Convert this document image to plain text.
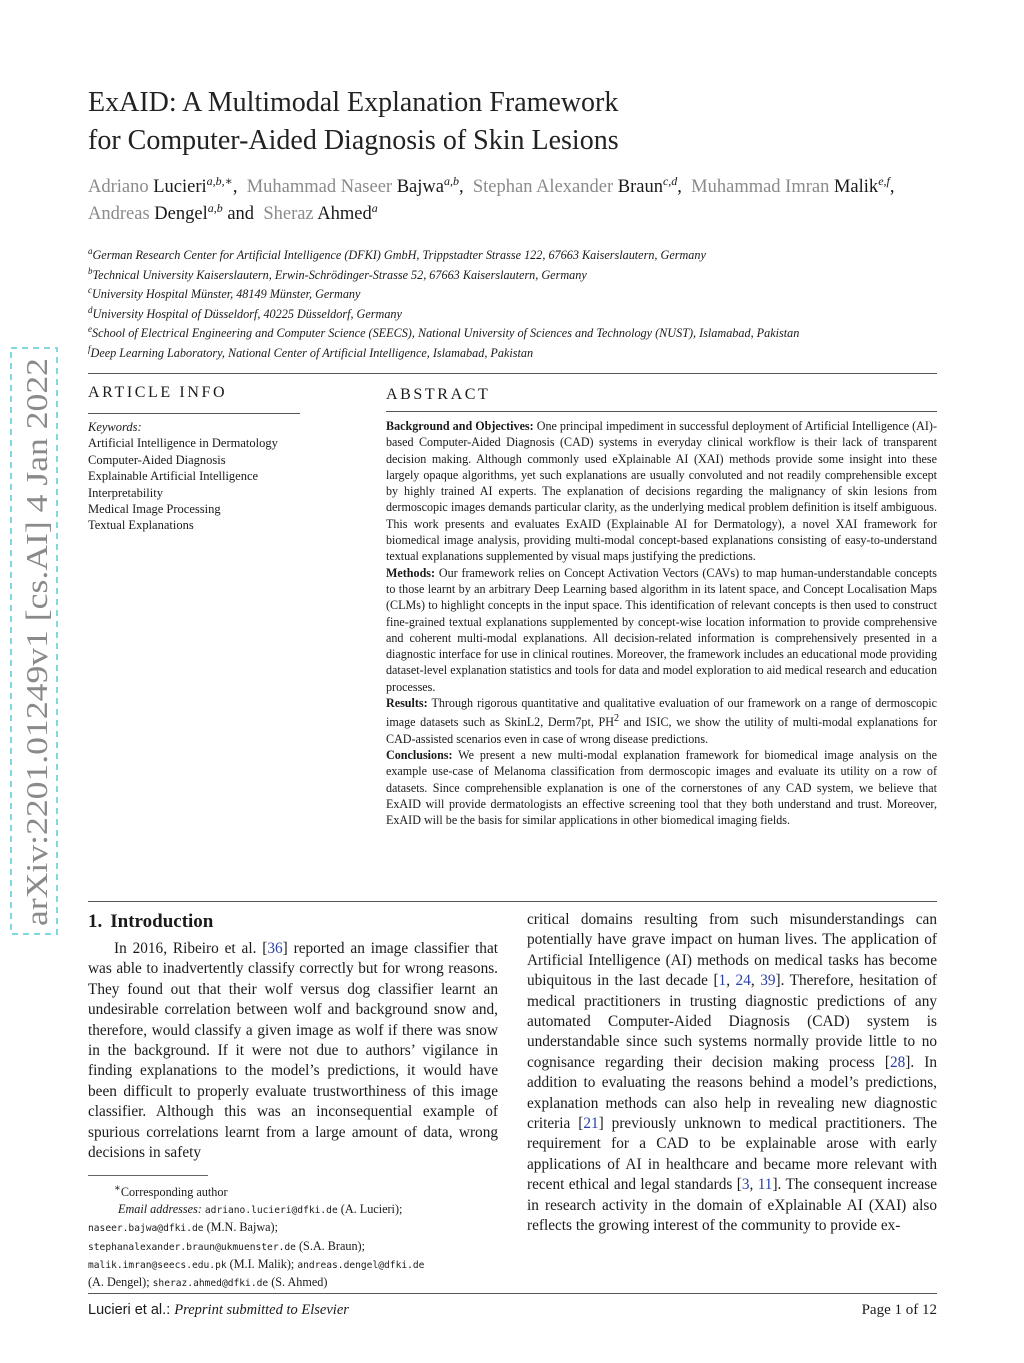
arXiv:2201.01249v1 [cs.AI] 4 Jan 2022
ExAID: A Multimodal Explanation Framework
for Computer-Aided Diagnosis of Skin Lesions
Adriano Lucieri$^{a,b,∗}$,  Muhammad Naseer Bajwa$^{a,b}$,  Stephan Alexander Braun$^{c,d}$,  Muhammad Imran Malik$^{e,f}$,  Andreas Dengel$^{a,b}$ and  Sheraz Ahmed$^a$
$^a$German Research Center for Artificial Intelligence (DFKI) GmbH, Trippstadter Strasse 122, 67663 Kaiserslautern, Germany
$^b$Technical University Kaiserslautern, Erwin-Schrödinger-Strasse 52, 67663 Kaiserslautern, Germany
$^c$University Hospital Münster, 48149 Münster, Germany
$^d$University Hospital of Düsseldorf, 40225 Düsseldorf, Germany
$^e$School of Electrical Engineering and Computer Science (SEECS), National University of Sciences and Technology (NUST), Islamabad, Pakistan
$^f$Deep Learning Laboratory, National Center of Artificial Intelligence, Islamabad, Pakistan
ARTICLE INFO
Keywords:
Artificial Intelligence in Dermatology
Computer-Aided Diagnosis
Explainable Artificial Intelligence
Interpretability
Medical Image Processing
Textual Explanations
ABSTRACT

Background and Objectives: One principal impediment in successful deployment of Artificial Intelligence (AI)-based Computer-Aided Diagnosis (CAD) systems in everyday clinical workflow is their lack of transparent decision making. Although commonly used eXplainable AI (XAI) methods provide some insight into these largely opaque algorithms, yet such explanations are usually convoluted and not readily comprehensible except by highly trained AI experts. The explanation of decisions regarding the malignancy of skin lesions from dermoscopic images demands particular clarity, as the underlying medical problem definition is itself ambiguous. This work presents and evaluates ExAID (Explainable AI for Dermatology), a novel XAI framework for biomedical image analysis, providing multi-modal concept-based explanations consisting of easy-to-understand textual explanations supplemented by visual maps justifying the predictions.

Methods: Our framework relies on Concept Activation Vectors (CAVs) to map human-understandable concepts to those learnt by an arbitrary Deep Learning based algorithm in its latent space, and Concept Localisation Maps (CLMs) to highlight concepts in the input space. This identification of relevant concepts is then used to construct fine-grained textual explanations supplemented by concept-wise location information to provide comprehensive and coherent multi-modal explanations. All decision-related information is comprehensively presented in a diagnostic interface for use in clinical routines. Moreover, the framework includes an educational mode providing dataset-level explanation statistics and tools for data and model exploration to aid medical research and education processes.

Results: Through rigorous quantitative and qualitative evaluation of our framework on a range of dermoscopic image datasets such as SkinL2, Derm7pt, $PH^2$ and ISIC, we show the utility of multi-modal explanations for CAD-assisted scenarios even in case of wrong disease predictions.

Conclusions: We present a new multi-modal explanation framework for biomedical image analysis on the example use-case of Melanoma classification from dermoscopic images and evaluate its utility on a row of datasets. Since comprehensible explanation is one of the cornerstones of any CAD system, we believe that ExAID will provide dermatologists an effective screening tool that they both understand and trust. Moreover, ExAID will be the basis for similar applications in other biomedical imaging fields.

1. Introduction

In 2016, Ribeiro et al. [36] reported an image classifier that was able to inadvertently classify correctly but for wrong reasons. They found out that their wolf versus dog classifier learnt an undesirable correlation between wolf and background snow and, therefore, would classify a given image as wolf if there was snow in the background. If it were not due to authors’ vigilance in finding explanations to the model’s predictions, it would have been difficult to properly evaluate trustworthiness of this image classifier. Although this was an inconsequential example of spurious correlations learnt from a large amount of data, wrong decisions in safety

critical domains resulting from such misunderstandings can potentially have grave impact on human lives. The application of Artificial Intelligence (AI) methods on medical tasks has become ubiquitous in the last decade [1, 24, 39]. Therefore, hesitation of medical practitioners in trusting diagnostic predictions of any automated Computer-Aided Diagnosis (CAD) system is understandable since such systems normally provide little to no cognisance regarding their decision making process [28]. In addition to evaluating the reasons behind a model’s predictions, explanation methods can also help in revealing new diagnostic criteria [21] previously unknown to medical practitioners. The requirement for a CAD to be explainable arose with early applications of AI in healthcare and became more relevant with recent ethical and legal standards [3, 11]. The consequent increase in research activity in the domain of eXplainable AI (XAI) also reflects the growing interest of the community to provide ex-

∗Corresponding author
Email addresses: adriano.lucieri@dfki.de (A. Lucieri);
naseer.bajwa@dfki.de (M.N. Bajwa);
stephanalexander.braun@ukmuenster.de (S.A. Braun);
malik.imran@seecs.edu.pk (M.I. Malik); andreas.dengel@dfki.de (A. Dengel); sheraz.ahmed@dfki.de (S. Ahmed)
Lucieri et al.: Preprint submitted to Elsevier	Page 1 of 12
